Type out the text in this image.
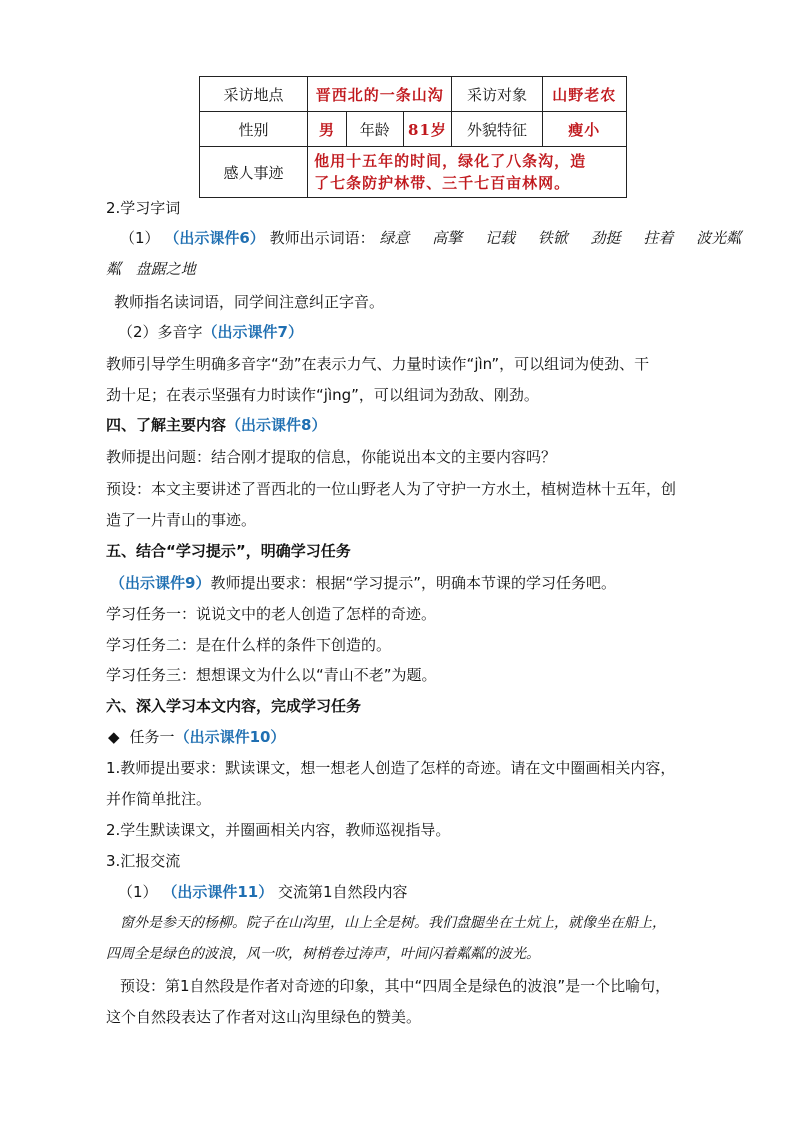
采访地点	晋西北的一条山沟			采访对象	山野老农
性别	男	年龄	81岁	外貌特征	瘦小
感人事迹	他用十五年的时间，绿化了八条沟，造
了七条防护林带、三千七百亩林网。				
2.学习字词
（1） （出示课件6） 教师出示词语： 绿意 高擎 记载 铁锨 劲挺 拄着 波光粼
粼 盘踞之地
教师指名读词语，同学间注意纠正字音。
（2）多音字（出示课件7）
教师引导学生明确多音字“劲”在表示力气、力量时读作“jìn”，可以组词为使劲、干
劲十足；在表示坚强有力时读作“jìng”，可以组词为劲敌、刚劲。
四、了解主要内容（出示课件8）
教师提出问题：结合刚才提取的信息，你能说出本文的主要内容吗？
预设：本文主要讲述了晋西北的一位山野老人为了守护一方水土，植树造林十五年，创
造了一片青山的事迹。
五、结合“学习提示”，明确学习任务
（出示课件9）教师提出要求：根据“学习提示”，明确本节课的学习任务吧。
学习任务一：说说文中的老人创造了怎样的奇迹。
学习任务二：是在什么样的条件下创造的。
学习任务三：想想课文为什么以“青山不老”为题。
六、深入学习本文内容，完成学习任务
◆ 任务一（出示课件10）
1.教师提出要求：默读课文，想一想老人创造了怎样的奇迹。请在文中圈画相关内容，
并作简单批注。
2.学生默读课文，并圈画相关内容，教师巡视指导。
3.汇报交流
（1） （出示课件11） 交流第1自然段内容
窗外是参天的杨柳。院子在山沟里，山上全是树。我们盘腿坐在土炕上，就像坐在船上，
四周全是绿色的波浪，风一吹，树梢卷过涛声，叶间闪着粼粼的波光。
预设：第1自然段是作者对奇迹的印象，其中“四周全是绿色的波浪”是一个比喻句，
这个自然段表达了作者对这山沟里绿色的赞美。
